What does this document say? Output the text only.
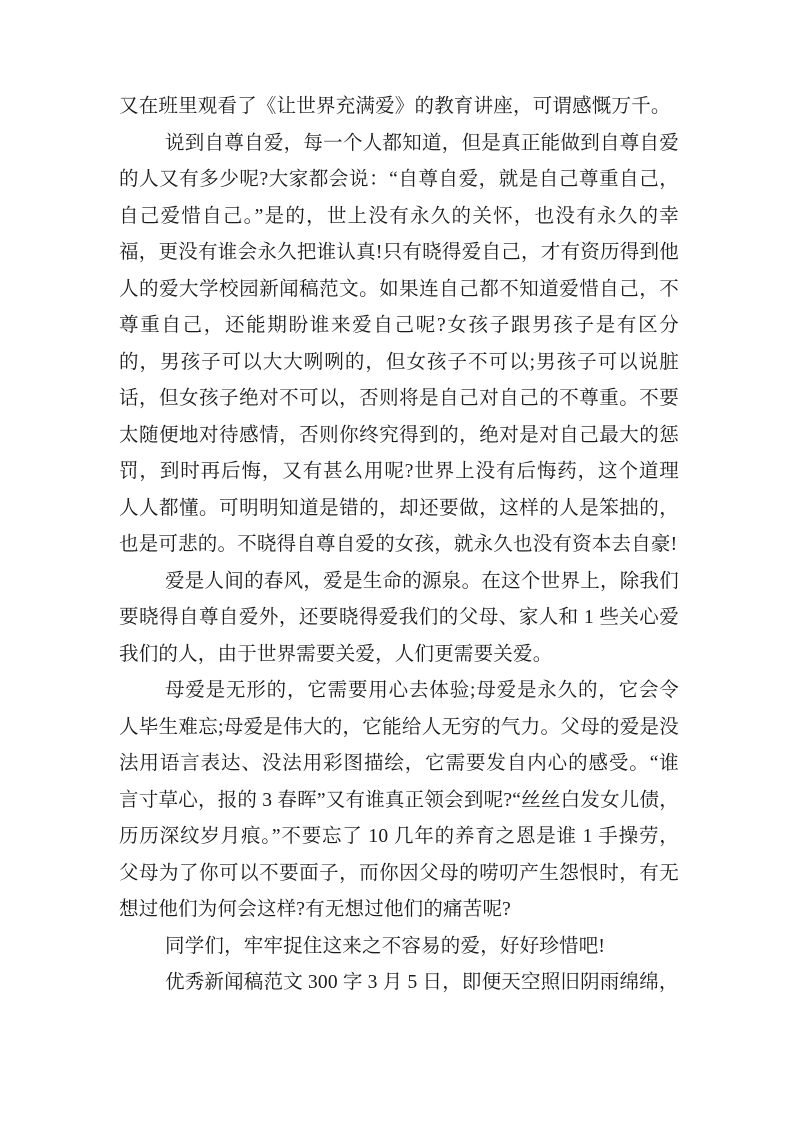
又在班里观看了《让世界充满爱》的教育讲座，可谓感慨万千。

说到自尊自爱，每一个人都知道，但是真正能做到自尊自爱的人又有多少呢?大家都会说：“自尊自爱，就是自己尊重自己，自己爱惜自己。”是的，世上没有永久的关怀，也没有永久的幸福，更没有谁会永久把谁认真!只有晓得爱自己，才有资历得到他人的爱大学校园新闻稿范文。如果连自己都不知道爱惜自己，不尊重自己，还能期盼谁来爱自己呢?女孩子跟男孩子是有区分的，男孩子可以大大咧咧的，但女孩子不可以;男孩子可以说脏话，但女孩子绝对不可以，否则将是自己对自己的不尊重。不要太随便地对待感情，否则你终究得到的，绝对是对自己最大的惩罚，到时再后悔，又有甚么用呢?世界上没有后悔药，这个道理人人都懂。可明明知道是错的，却还要做，这样的人是笨拙的，也是可悲的。不晓得自尊自爱的女孩，就永久也没有资本去自豪!

爱是人间的春风，爱是生命的源泉。在这个世界上，除我们要晓得自尊自爱外，还要晓得爱我们的父母、家人和 1 些关心爱我们的人，由于世界需要关爱，人们更需要关爱。

母爱是无形的，它需要用心去体验;母爱是永久的，它会令人毕生难忘;母爱是伟大的，它能给人无穷的气力。父母的爱是没法用语言表达、没法用彩图描绘，它需要发自内心的感受。“谁言寸草心，报的 3 春晖”又有谁真正领会到呢?“丝丝白发女儿债，历历深纹岁月痕。”不要忘了 10 几年的养育之恩是谁 1 手操劳，父母为了你可以不要面子，而你因父母的唠叨产生怨恨时，有无想过他们为何会这样?有无想过他们的痛苦呢?

同学们，牢牢捉住这来之不容易的爱，好好珍惜吧!

优秀新闻稿范文 300 字 3 月 5 日，即便天空照旧阴雨绵绵，
